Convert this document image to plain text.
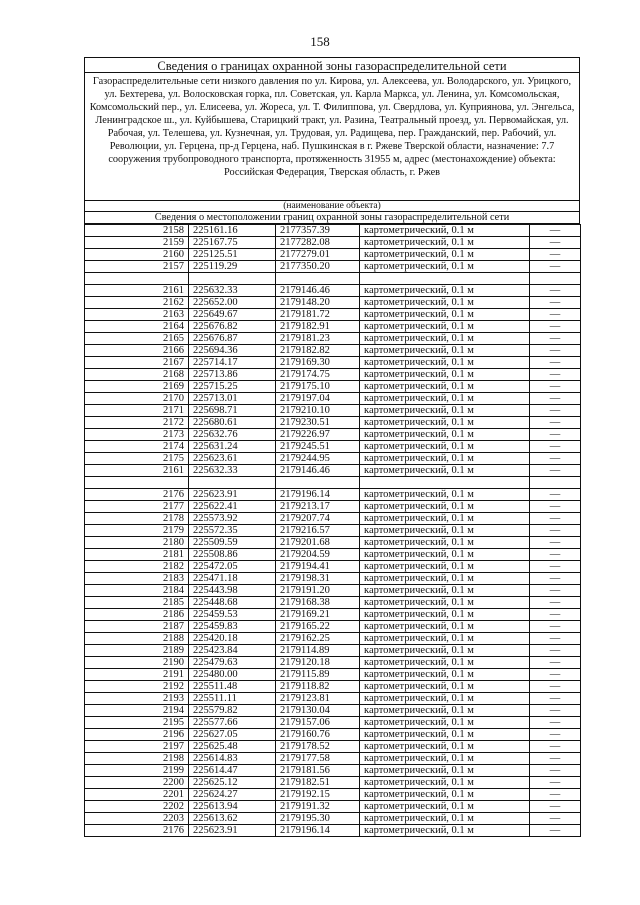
158
Сведения о границах охранной зоны газораспределительной сети
Газораспределительные сети низкого давления по ул. Кирова, ул. Алексеева, ул. Володарского, ул. Урицкого, ул. Бехтерева, ул. Волосковская горка, пл. Советская, ул. Карла Маркса, ул. Ленина, ул. Комсомольская, Комсомольский пер., ул. Елисеева, ул. Жореса, ул. Т. Филиппова, ул. Свердлова, ул. Куприянова, ул. Энгельса, Ленинградское ш., ул. Куйбышева, Старицкий тракт, ул. Разина, Театральный проезд, ул. Первомайская, ул. Рабочая, ул. Телешева, ул. Кузнечная, ул. Трудовая, ул. Радищева, пер. Гражданский, пер. Рабочий, ул. Революции, ул. Герцена, пр-д Герцена, наб. Пушкинская в г. Ржеве Тверской области, назначение: 7.7 сооружения трубопроводного транспорта, протяженность 31955 м, адрес (местонахождение) объекта: Российская Федерация, Тверская область, г. Ржев
(наименование объекта)
Сведения о местоположении границ охранной зоны газораспределительной сети
2158	225161.16	2177357.39	картометрический, 0.1 м	—
2159	225167.75	2177282.08	картометрический, 0.1 м	—
2160	225125.51	2177279.01	картометрический, 0.1 м	—
2157	225119.29	2177350.20	картометрический, 0.1 м	—

2161	225632.33	2179146.46	картометрический, 0.1 м	—
2162	225652.00	2179148.20	картометрический, 0.1 м	—
2163	225649.67	2179181.72	картометрический, 0.1 м	—
2164	225676.82	2179182.91	картометрический, 0.1 м	—
2165	225676.87	2179181.23	картометрический, 0.1 м	—
2166	225694.36	2179182.82	картометрический, 0.1 м	—
2167	225714.17	2179169.30	картометрический, 0.1 м	—
2168	225713.86	2179174.75	картометрический, 0.1 м	—
2169	225715.25	2179175.10	картометрический, 0.1 м	—
2170	225713.01	2179197.04	картометрический, 0.1 м	—
2171	225698.71	2179210.10	картометрический, 0.1 м	—
2172	225680.61	2179230.51	картометрический, 0.1 м	—
2173	225632.76	2179226.97	картометрический, 0.1 м	—
2174	225631.24	2179245.51	картометрический, 0.1 м	—
2175	225623.61	2179244.95	картометрический, 0.1 м	—
2161	225632.33	2179146.46	картометрический, 0.1 м	—

2176	225623.91	2179196.14	картометрический, 0.1 м	—
2177	225622.41	2179213.17	картометрический, 0.1 м	—
2178	225573.92	2179207.74	картометрический, 0.1 м	—
2179	225572.35	2179216.57	картометрический, 0.1 м	—
2180	225509.59	2179201.68	картометрический, 0.1 м	—
2181	225508.86	2179204.59	картометрический, 0.1 м	—
2182	225472.05	2179194.41	картометрический, 0.1 м	—
2183	225471.18	2179198.31	картометрический, 0.1 м	—
2184	225443.98	2179191.20	картометрический, 0.1 м	—
2185	225448.68	2179168.38	картометрический, 0.1 м	—
2186	225459.53	2179169.21	картометрический, 0.1 м	—
2187	225459.83	2179165.22	картометрический, 0.1 м	—
2188	225420.18	2179162.25	картометрический, 0.1 м	—
2189	225423.84	2179114.89	картометрический, 0.1 м	—
2190	225479.63	2179120.18	картометрический, 0.1 м	—
2191	225480.00	2179115.89	картометрический, 0.1 м	—
2192	225511.48	2179118.82	картометрический, 0.1 м	—
2193	225511.11	2179123.81	картометрический, 0.1 м	—
2194	225579.82	2179130.04	картометрический, 0.1 м	—
2195	225577.66	2179157.06	картометрический, 0.1 м	—
2196	225627.05	2179160.76	картометрический, 0.1 м	—
2197	225625.48	2179178.52	картометрический, 0.1 м	—
2198	225614.83	2179177.58	картометрический, 0.1 м	—
2199	225614.47	2179181.56	картометрический, 0.1 м	—
2200	225625.12	2179182.51	картометрический, 0.1 м	—
2201	225624.27	2179192.15	картометрический, 0.1 м	—
2202	225613.94	2179191.32	картометрический, 0.1 м	—
2203	225613.62	2179195.30	картометрический, 0.1 м	—
2176	225623.91	2179196.14	картометрический, 0.1 м	—
